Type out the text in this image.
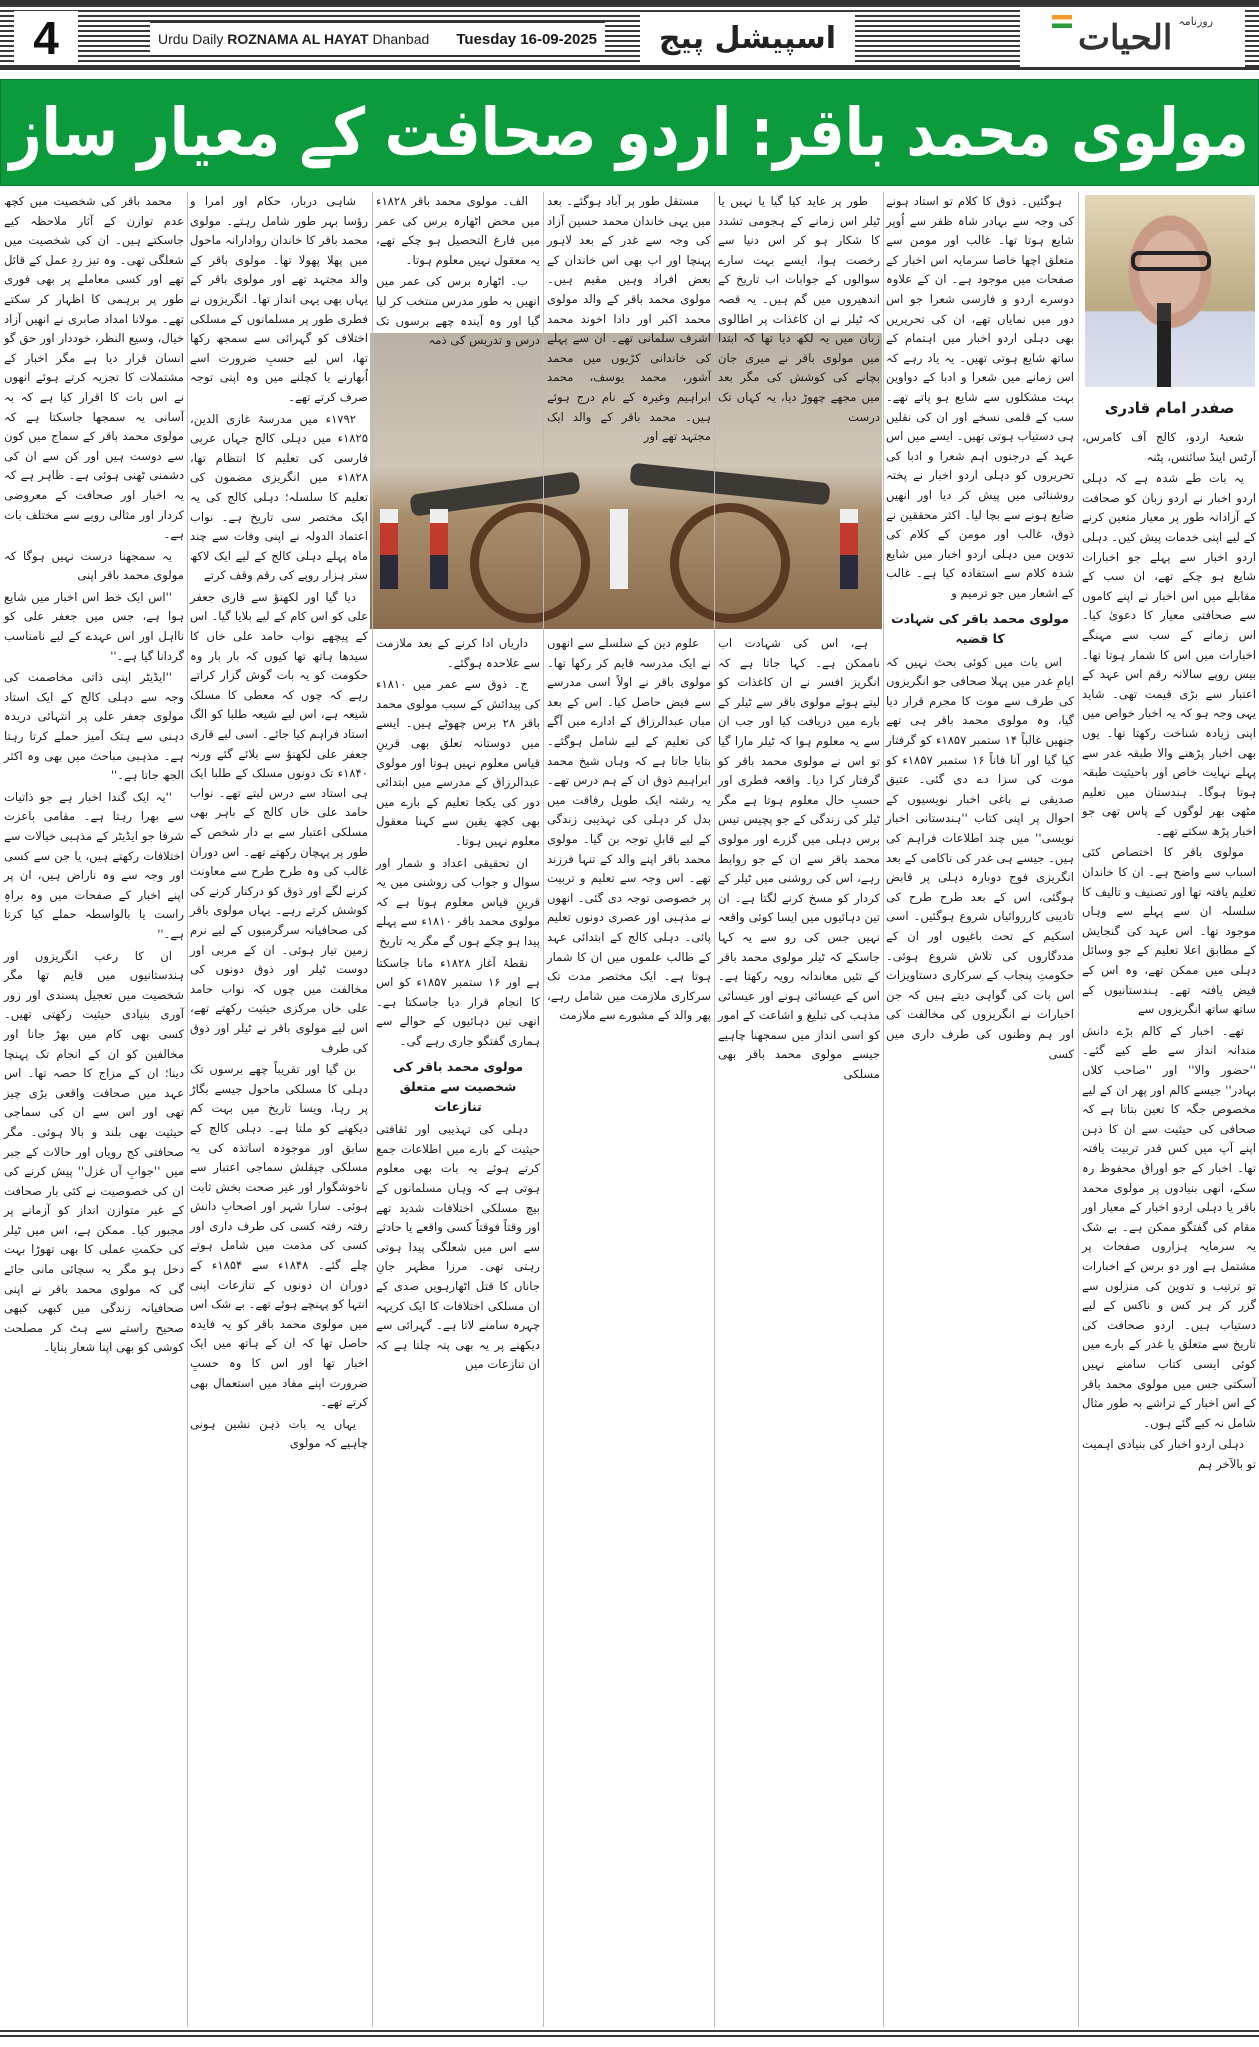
4	Urdu Daily ROZNAMA AL HAYAT Dhanbad Tuesday 16-09-2025	اسپیشل پیج	روزنامہ
الحیات
مولوی محمد باقر: اردو صحافت کے معیار ساز
صفدر امام قادری

شعبۂ اردو، کالج آف کامرس، آرٹس اینڈ سائنس، پٹنہ

یہ بات طے شدہ ہے کہ دہلی اردو اخبار نے اردو زبان کو صحافت کے آزادانہ طور پر معیار متعین کرنے کے لیے اپنی خدمات پیش کیں۔ دہلی اردو اخبار سے پہلے جو اخبارات شایع ہو چکے تھے، ان سب کے مقابلے میں اس اخبار نے اپنے کاموں سے صحافتی معیار کا دعویٰ کیا۔ اس زمانے کے سب سے مہنگے اخبارات میں اس کا شمار ہوتا تھا۔ بیس روپے سالانہ رقم اس عہد کے اعتبار سے بڑی قیمت تھی۔ شاید یہی وجہ ہو کہ یہ اخبار خواص میں اپنی زیادہ شناخت رکھتا تھا۔ یوں بھی اخبار پڑھنے والا طبقہ غدر سے پہلے نہایت خاص اور باحیثیت طبقہ ہوتا ہوگا۔ ہندستان میں تعلیم مٹھی بھر لوگوں کے پاس تھی جو اخبار پڑھ سکتے تھے۔

مولوی باقر کا اختصاص کئی اسباب سے واضح ہے۔ ان کا خاندان تعلیم یافتہ تھا اور تصنیف و تالیف کا سلسلہ ان سے پہلے سے وہاں موجود تھا۔ اس عہد کی گنجایش کے مطابق اعلا تعلیم کے جو وسائل دہلی میں ممکن تھے، وہ اس کے فیض یافتہ تھے۔ ہندستانیوں کے ساتھ ساتھ انگریزوں سے

تھے۔ اخبار کے کالم بڑے دانش مندانہ انداز سے طے کیے گئے۔ ''حضور والا'' اور ''صاحب کلاں بہادر'' جیسے کالم اور پھر ان کے لیے مخصوص جگہ کا تعین بتاتا ہے کہ صحافی کی حیثیت سے ان کا ذہن اپنے آپ میں کس قدر تربیت یافتہ تھا۔ اخبار کے جو اوراق محفوظ رہ سکے، انھی بنیادوں پر مولوی محمد باقر یا دہلی اردو اخبار کے معیار اور مقام کی گفتگو ممکن ہے۔ بے شک یہ سرمایہ ہزاروں صفحات پر مشتمل ہے اور دو برس کے اخبارات تو ترتیب و تدوین کی منزلوں سے گزر کر ہر کس و ناکس کے لیے دستیاب ہیں۔ اردو صحافت کی تاریخ سے متعلق یا غدر کے بارے میں کوئی ایسی کتاب سامنے نہیں آسکتی جس میں مولوی محمد باقر کے اس اخبار کے تراشے بہ طور مثال شامل نہ کیے گئے ہوں۔

دہلی اردو اخبار کی بنیادی اہمیت تو بالآخر ہم

ہوگئیں۔ ذوق کا کلام تو استاد ہونے کی وجہ سے بہادر شاہ ظفر سے اُوپر شایع ہوتا تھا۔ غالب اور مومن سے متعلق اچھا خاصا سرمایہ اس اخبار کے صفحات میں موجود ہے۔ ان کے علاوہ دوسرے اردو و فارسی شعرا جو اس دور میں نمایاں تھے، ان کی تحریریں بھی دہلی اردو اخبار میں اہتمام کے ساتھ شایع ہوتی تھیں۔ یہ یاد رہے کہ اس زمانے میں شعرا و ادبا کے دواوین بہت مشکلوں سے شایع ہو پاتے تھے۔ سب کے قلمی نسخے اور ان کی نقلیں ہی دستیاب ہوتی تھیں۔ ایسے میں اس عہد کے درجنوں اہم شعرا و ادبا کی تحریروں کو دہلی اردو اخبار نے پختہ روشنائی میں پیش کر دیا اور انھیں ضایع ہونے سے بچا لیا۔ اکثر محققین نے ذوق، غالب اور مومن کے کلام کی تدوین میں دہلی اردو اخبار میں شایع شدہ کلام سے استفادہ کیا ہے۔ غالب کے اشعار میں جو ترمیم و

مولوی محمد باقر کی شہادت کا قضیہ

اس بات میں کوئی بحث نہیں کہ ایامِ غدر میں پہلا صحافی جو انگریزوں کی طرف سے موت کا مجرم قرار دیا گیا، وہ مولوی محمد باقر ہی تھے جنھیں غالباً ۱۴ ستمبر ۱۸۵۷ء کو گرفتار کیا گیا اور آنا فاناً ۱۶ ستمبر ۱۸۵۷ء کو موت کی سزا دے دی گئی۔ عتیق صدیقی نے باغی اخبار نویسیوں کے احوال پر اپنی کتاب ''ہندستانی اخبار نویسی'' میں چند اطلاعات فراہم کی ہیں۔ جیسے ہی غدر کی ناکامی کے بعد انگریزی فوج دوبارہ دہلی پر قابض ہوگئی، اس کے بعد طرح طرح کی تادیبی کارروائیاں شروع ہوگئیں۔ اسی اسکیم کے تحت باغیوں اور ان کے مددگاروں کی تلاش شروع ہوئی۔ حکومتِ پنجاب کے سرکاری دستاویزات اس بات کی گواہی دیتے ہیں کہ جن اخبارات نے انگریزوں کی مخالفت کی اور ہم وطنوں کی طرف داری میں کسی

طور پر عاید کیا گیا یا نہیں یا ٹیلر اس زمانے کے ہجومی تشدد کا شکار ہو کر اس دنیا سے رخصت ہوا، ایسے بہت سارے سوالوں کے جوابات اب تاریخ کے اندھیروں میں گم ہیں۔ یہ قصہ کہ ٹیلر نے ان کاغذات پر اطالوی زبان میں یہ لکھ دیا تھا کہ ابتدا میں مولوی باقر نے میری جان بچانے کی کوشش کی مگر بعد میں مجھے چھوڑ دیا، یہ کہاں تک درست

ہے، اس کی شہادت اب ناممکن ہے۔ کہا جاتا ہے کہ انگریز افسر نے ان کاغذات کو لیتے ہوئے مولوی باقر سے ٹیلر کے بارے میں دریافت کیا اور جب ان سے یہ معلوم ہوا کہ ٹیلر مارا گیا تو اس نے مولوی محمد باقر کو گرفتار کرا دیا۔ واقعہ فطری اور حسبِ حال معلوم ہوتا ہے مگر ٹیلر کی زندگی کے جو پچیس تیس برس دہلی میں گزرے اور مولوی محمد باقر سے ان کے جو روابط رہے، اس کی روشنی میں ٹیلر کے کردار کو مسخ کرنے لگتا ہے۔ ان تین دہائیوں میں ایسا کوئی واقعہ نہیں جس کی رو سے یہ کہا جاسکے کہ ٹیلر مولوی محمد باقر کے تئیں معاندانہ رویہ رکھتا ہے۔ اس کے عیسائی ہونے اور عیسائی مذہب کی تبلیغ و اشاعت کے امور کو اسی انداز میں سمجھنا چاہیے جیسے مولوی محمد باقر بھی مسلکی

مستقل طور پر آباد ہوگئے۔ بعد میں یہی خاندان محمد حسین آزاد کی وجہ سے غدر کے بعد لاہور پہنچا اور اب بھی اس خاندان کے بعض افراد وہیں مقیم ہیں۔ مولوی محمد باقر کے والد مولوی محمد اکبر اور دادا اخوند محمد اشرف سلمانی تھے۔ ان سے پہلے کی خاندانی کڑیوں میں محمد آشور، محمد یوسف، محمد ابراہیم وغیرہ کے نام درج ہوئے ہیں۔ محمد باقر کے والد ایک مجتہد تھے اور

علوم دین کے سلسلے سے انھوں نے ایک مدرسہ قایم کر رکھا تھا۔ مولوی باقر نے اولاً اسی مدرسے سے فیض حاصل کیا۔ اس کے بعد میاں عبدالرزاق کے ادارے میں آگے کی تعلیم کے لیے شامل ہوگئے۔ بتایا جاتا ہے کہ وہاں شیخ محمد ابراہیم ذوق ان کے ہم درس تھے۔ یہ رشتہ ایک طویل رفاقت میں بدل کر دہلی کی تہذیبی زندگی کے لیے قابلِ توجہ بن گیا۔ مولوی محمد باقر اپنے والد کے تنہا فرزند تھے۔ اس وجہ سے تعلیم و تربیت پر خصوصی توجہ دی گئی۔ انھوں نے مذہبی اور عصری دونوں تعلیم پائی۔ دہلی کالج کے ابتدائی عہد کے طالب علموں میں ان کا شمار ہوتا ہے۔ ایک مختصر مدت تک سرکاری ملازمت میں شامل رہے، پھر والد کے مشورے سے ملازمت

الف۔ مولوی محمد باقر ۱۸۲۸ء میں محض اٹھارہ برس کی عمر میں فارغ التحصیل ہو چکے تھے، یہ معقول نہیں معلوم ہوتا۔

ب۔ اٹھارہ برس کی عمر میں انھیں بہ طور مدرس منتخب کر لیا گیا اور وہ آیندہ چھے برسوں تک درس و تدریس کی ذمہ

داریاں ادا کرنے کے بعد ملازمت سے علاحدہ ہوگئے۔

ج۔ ذوق سے عمر میں ۱۸۱۰ء کی پیدائش کے سبب مولوی محمد باقر ۲۸ برس چھوٹے ہیں۔ ایسے میں دوستانہ تعلق بھی قرینِ قیاس معلوم نہیں ہوتا اور مولوی عبدالرزاق کے مدرسے میں ابتدائی دور کی یکجا تعلیم کے بارے میں بھی کچھ یقین سے کہنا معقول معلوم نہیں ہوتا۔

ان تحقیقی اعداد و شمار اور سوال و جواب کی روشنی میں یہ قرینِ قیاس معلوم ہوتا ہے کہ مولوی محمد باقر ۱۸۱۰ء سے پہلے پیدا ہو چکے ہوں گے مگر یہ تاریخ

نقطۂ آغاز ۱۸۲۸ء مانا جاسکتا ہے اور ۱۶ ستمبر ۱۸۵۷ء کو اس کا انجام قرار دیا جاسکتا ہے۔ انھی تین دہائیوں کے حوالے سے ہماری گفتگو جاری رہے گی۔

مولوی محمد باقر کی شخصیت سے متعلق تنازعات

دہلی کی تہذیبی اور ثقافتی حیثیت کے بارے میں اطلاعات جمع کرتے ہوئے یہ بات بھی معلوم ہوتی ہے کہ وہاں مسلمانوں کے بیچ مسلکی اختلافات شدید تھے اور وقتاً فوقتاً کسی واقعے یا حادثے سے اس میں شعلگی پیدا ہوتی رہتی تھی۔ مرزا مظہر جانِ جاناں کا قتل اٹھارہویں صدی کے ان مسلکی اختلافات کا ایک کریہہ چہرہ سامنے لاتا ہے۔ گہرائی سے دیکھنے پر یہ بھی پتہ چلتا ہے کہ ان تنازعات میں

شاہی دربار، حکام اور امرا و رؤسا بہر طور شامل رہتے۔ مولوی محمد باقر کا خاندان روادارانہ ماحول میں پھلا پھولا تھا۔ مولوی باقر کے والد مجتہد تھے اور مولوی باقر کے یہاں بھی یہی انداز تھا۔ انگریزوں نے فطری طور پر مسلمانوں کے مسلکی اختلاف کو گہرائی سے سمجھ رکھا تھا، اس لیے حسبِ ضرورت اسے اُبھارنے یا کچلنے میں وہ اپنی توجہ صرف کرتے تھے۔

۱۷۹۲ء میں مدرسۂ غازی الدین، ۱۸۲۵ء میں دہلی کالج جہاں عربی فارسی کی تعلیم کا انتظام تھا، ۱۸۲۸ء میں انگریزی مضمون کی تعلیم کا سلسلہ؛ دہلی کالج کی یہ ایک مختصر سی تاریخ ہے۔ نواب اعتماد الدولہ نے اپنی وفات سے چند ماہ پہلے دہلی کالج کے لیے ایک لاکھ ستر ہزار روپے کی رقم وقف کرتے

دیا گیا اور لکھنؤ سے قاری جعفر علی کو اس کام کے لیے بلایا گیا۔ اس کے پیچھے نواب حامد علی خاں کا سیدھا ہاتھ تھا کیوں کہ بار بار وہ حکومت کو یہ بات گوش گزار کراتے رہے کہ چوں کہ معطی کا مسلک شیعہ ہے، اس لیے شیعہ طلبا کو الگ استاد فراہم کیا جائے۔ اسی لیے قاری جعفر علی لکھنؤ سے بلائے گئے ورنہ ۱۸۴۰ء تک دونوں مسلک کے طلبا ایک ہی استاد سے درس لیتے تھے۔ نواب حامد علی خاں کالج کے باہر بھی مسلکی اعتبار سے بے دار شخص کے طور پر پہچان رکھتے تھے۔ اس دوران غالب کی وہ طرح طرح سے معاونت کرنے لگے اور ذوق کو درکنار کرنے کی کوشش کرتے رہے۔ یہاں مولوی باقر کی صحافیانہ سرگرمیوں کے لیے نرم زمین تیار ہوئی۔ ان کے مربی اور دوست ٹیلر اور ذوق دونوں کی مخالفت میں چوں کہ نواب حامد علی خاں مرکزی حیثیت رکھتے تھے، اس لیے مولوی باقر نے ٹیلر اور ذوق کی طرف

بن گیا اور تقریباً چھے برسوں تک دہلی کا مسلکی ماحول جیسے بگاڑ پر رہا، ویسا تاریخ میں بہت کم دیکھنے کو ملتا ہے۔ دہلی کالج کے سابق اور موجودہ اساتذہ کی یہ مسلکی چپقلش سماجی اعتبار سے ناخوشگوار اور غیر صحت بخش ثابت ہوئی۔ سارا شہر اور اصحابِ دانش رفتہ رفتہ کسی کی طرف داری اور کسی کی مذمت میں شامل ہوتے چلے گئے۔ ۱۸۴۸ء سے ۱۸۵۴ء کے دوران ان دونوں کے تنازعات اپنی انتہا کو پہنچے ہوئے تھے۔ بے شک اس میں مولوی محمد باقر کو یہ فایدہ حاصل تھا کہ ان کے ہاتھ میں ایک اخبار تھا اور اس کا وہ حسبِ ضرورت اپنے مفاد میں استعمال بھی کرتے تھے۔

یہاں یہ بات ذہن نشین ہونی چاہیے کہ مولوی

محمد باقر کی شخصیت میں کچھ عدم توازن کے آثار ملاحظہ کیے جاسکتے ہیں۔ ان کی شخصیت میں شعلگی تھی۔ وہ تیز ردِ عمل کے قائل تھے اور کسی معاملے پر بھی فوری طور پر برہمی کا اظہار کر سکتے تھے۔ مولانا امداد صابری نے انھیں آزاد خیال، وسیع النظر، خوددار اور حق گو انسان قرار دیا ہے مگر اخبار کے مشتملات کا تجزیہ کرتے ہوئے انھوں نے اس بات کا اقرار کیا ہے کہ بہ آسانی یہ سمجھا جاسکتا ہے کہ مولوی محمد باقر کے سماج میں کون سے دوست ہیں اور کن سے ان کی دشمنی ٹھنی ہوئی ہے۔ ظاہر ہے کہ یہ اخبار اور صحافت کے معروضی کردار اور مثالی رویے سے مختلف بات ہے۔

یہ سمجھنا درست نہیں ہوگا کہ مولوی محمد باقر اپنی

''اس ایک خط اس اخبار میں شایع ہوا ہے، جس میں جعفر علی کو نااہل اور اس عہدے کے لیے نامناسب گردانا گیا ہے۔''

''ایڈیٹر اپنی ذاتی مخاصمت کی وجہ سے دہلی کالج کے ایک استاد مولوی جعفر علی پر انتہائی دریدہ دہنی سے ہتک آمیز حملے کرتا رہتا ہے۔ مذہبی مباحث میں بھی وہ اکثر الجھ جاتا ہے۔''

''یہ ایک گندا اخبار ہے جو ذاتیات سے بھرا رہتا ہے۔ مقامی باعزت شرفا جو ایڈیٹر کے مذہبی خیالات سے اختلافات رکھتے ہیں، یا جن سے کسی اور وجہ سے وہ ناراض ہیں، ان پر اپنے اخبار کے صفحات میں وہ براہِ راست یا بالواسطہ حملے کیا کرتا ہے۔''

ان کا رعب انگریزوں اور ہندستانیوں میں قایم تھا مگر شخصیت میں تعجیل پسندی اور زور آوری بنیادی حیثیت رکھتی تھیں۔ کسی بھی کام میں بھڑ جانا اور مخالفین کو ان کے انجام تک پہنچا دینا؛ ان کے مزاج کا حصہ تھا۔ اس عہد میں صحافت واقعی بڑی چیز تھی اور اس سے ان کی سماجی حیثیت بھی بلند و بالا ہوئی۔ مگر صحافتی کج رویاں اور حالات کے جبر میں ''جوابِ آں غزل'' پیش کرنے کی ان کی خصوصیت نے کئی بار صحافت کے غیر متوازن انداز کو آزمانے پر مجبور کیا۔ ممکن ہے، اس میں ٹیلر کی حکمتِ عملی کا بھی تھوڑا بہت دخل ہو مگر یہ سچائی مانی جائے گی کہ مولوی محمد باقر نے اپنی صحافیانہ زندگی میں کبھی کبھی صحیح راستے سے ہٹ کر مصلحت کوشی کو بھی اپنا شعار بنایا۔
